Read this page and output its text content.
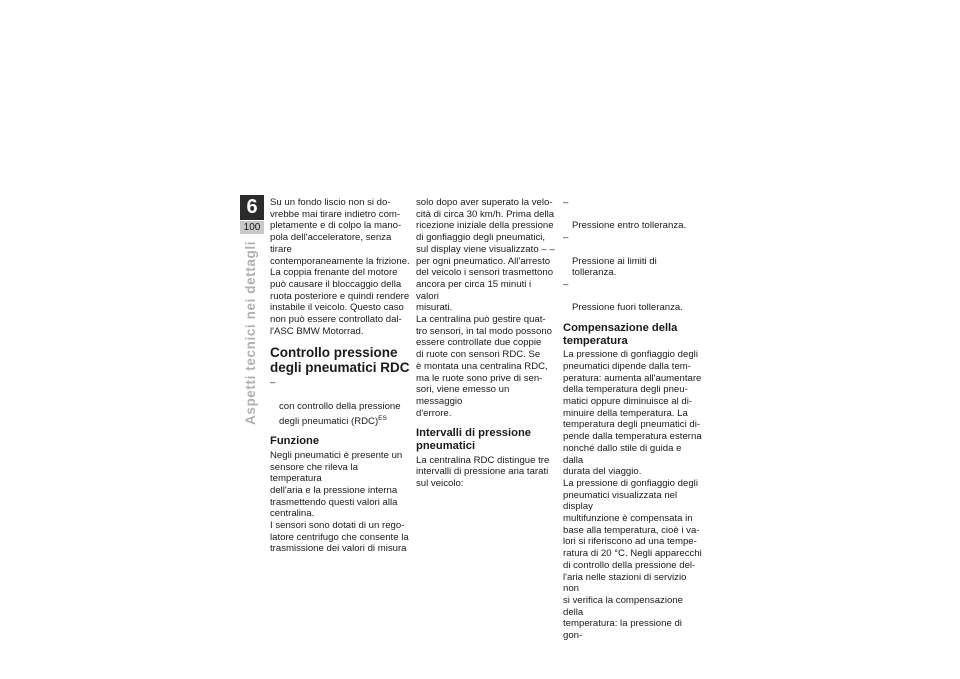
6
100
Aspetti tecnici nei dettagli

Su un fondo liscio non si do-
vrebbe mai tirare indietro com-
pletamente e di colpo la mano-
pola dell'acceleratore, senza tirare
contemporaneamente la frizione.
La coppia frenante del motore
può causare il bloccaggio della
ruota posteriore e quindi rendere
instabile il veicolo. Questo caso
non può essere controllato dal-
l'ASC BMW Motorrad.

Controllo pressione
degli pneumatici RDC

–

con controllo della pressione
degli pneumatici (RDC)$^{ES}$

Funzione

Negli pneumatici è presente un
sensore che rileva la temperatura
dell'aria e la pressione interna
trasmettendo questi valori alla
centralina.
I sensori sono dotati di un rego-
latore centrifugo che consente la
trasmissione dei valori di misura

solo dopo aver superato la velo-
cità di circa 30 km/h. Prima della
ricezione iniziale della pressione
di gonfiaggio degli pneumatici,
sul display viene visualizzato – –
per ogni pneumatico. All'arresto
del veicolo i sensori trasmettono
ancora per circa 15 minuti i valori
misurati.
La centralina può gestire quat-
tro sensori, in tal modo possono
essere controllate due coppie
di ruote con sensori RDC. Se
è montata una centralina RDC,
ma le ruote sono prive di sen-
sori, viene emesso un messaggio
d'errore.

Intervalli di pressione
pneumatici

La centralina RDC distingue tre
intervalli di pressione aria tarati
sul veicolo:

–

Pressione entro tolleranza.

–

Pressione ai limiti di tolleranza.

–

Pressione fuori tolleranza.

Compensazione della
temperatura

La pressione di gonfiaggio degli
pneumatici dipende dalla tem-
peratura: aumenta all'aumentare
della temperatura degli pneu-
matici oppure diminuisce al di-
minuire della temperatura. La
temperatura degli pneumatici di-
pende dalla temperatura esterna
nonché dallo stile di guida e dalla
durata del viaggio.
La pressione di gonfiaggio degli
pneumatici visualizzata nel display
multifunzione è compensata in
base alla temperatura, cioè i va-
lori si riferiscono ad una tempe-
ratura di 20 °C. Negli apparecchi
di controllo della pressione del-
l'aria nelle stazioni di servizio non
si verifica la compensazione della
temperatura: la pressione di gon-
